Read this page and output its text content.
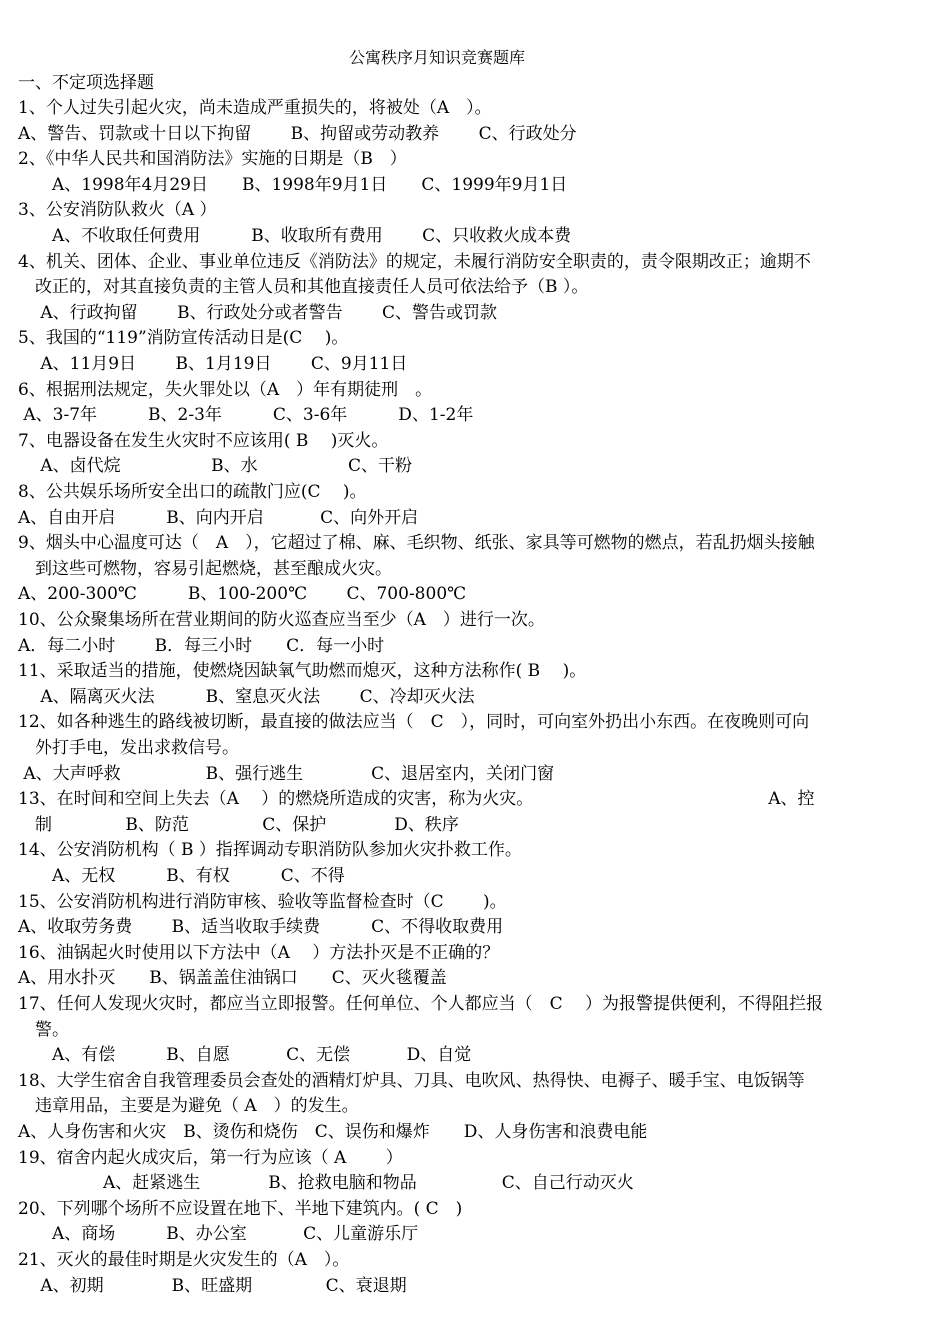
公寓秩序月知识竞赛题库
一、不定项选择题
1、个人过失引起火灾，尚未造成严重损失的，将被处（A　）。
A、警告、罚款或十日以下拘留　　 B、拘留或劳动教养　　 C、行政处分
2、《中华人民共和国消防法》实施的日期是（B　）
　　A、1998年4月29日　　B、1998年9月1日　　C、1999年9月1日
3、公安消防队救火（A ）
　　A、不收取任何费用　　　B、收取所有费用　　 C、只收救火成本费
4、机关、团体、企业、事业单位违反《消防法》的规定，未履行消防安全职责的，责令限期改正；逾期不
　改正的，对其直接负责的主管人员和其他直接责任人员可依法给予（B ）。
　 A、行政拘留　　 B、行政处分或者警告　　 C、警告或罚款
5、我国的“119”消防宣传活动日是(C　 )。
　 A、11月9日　　 B、1月19日　　 C、9月11日
6、根据刑法规定，失火罪处以（A　）年有期徒刑　。
A、3-7年　　　B、2-3年　　　C、3-6年　　　D、1-2年
7、电器设备在发生火灾时不应该用( B　 )灭火。
　 A、卤代烷　　　　　 B、水　　　　　 C、干粉
8、公共娱乐场所安全出口的疏散门应(C　 )。
A、自由开启　　　B、向内开启　　　 C、向外开启
9、烟头中心温度可达（　A　），它超过了棉、麻、毛织物、纸张、家具等可燃物的燃点，若乱扔烟头接触
　到这些可燃物，容易引起燃烧，甚至酿成火灾。
A、200-300℃　　　B、100-200℃　　 C、700-800℃
10、公众聚集场所在营业期间的防火巡查应当至少（A　）进行一次。
A．每二小时　　 B．每三小时　　C．每一小时
11、采取适当的措施，使燃烧因缺氧气助燃而熄灭，这种方法称作( B　 )。
　 A、隔离灭火法　　　B、窒息灭火法　　 C、冷却灭火法
12、如各种逃生的路线被切断，最直接的做法应当（　C　），同时，可向室外扔出小东西。在夜晚则可向
　外打手电，发出求救信号。
A、大声呼救　　　　　B、强行逃生　　　　C、退居室内，关闭门窗
13、在时间和空间上失去（A　 ）的燃烧所造成的灾害，称为火灾。　　　　　　　　　　　　　　 A、控
　制　　　　 B、防范　　　　 C、保护　　　　D、秩序
14、公安消防机构（ B ）指挥调动专职消防队参加火灾扑救工作。
　　A、无权　　　B、有权　　　C、不得
15、公安消防机构进行消防审核、验收等监督检查时（C　　 )。
A、收取劳务费　　 B、适当收取手续费　　　C、不得收取费用
16、油锅起火时使用以下方法中（A　 ）方法扑灭是不正确的？
A、用水扑灭　　B、锅盖盖住油锅口　　C、灭火毯覆盖
17、任何人发现火灾时，都应当立即报警。任何单位、个人都应当（　C　 ）为报警提供便利，不得阻拦报
　警。
　　A、有偿　　　B、自愿　　　 C、无偿　　　 D、自觉
18、大学生宿舍自我管理委员会查处的酒精灯炉具、刀具、电吹风、热得快、电褥子、暖手宝、电饭锅等
　违章用品，主要是为避免（ A　）的发生。
A、人身伤害和火灾　B、烫伤和烧伤　C、误伤和爆炸　　D、人身伤害和浪费电能
19、宿舍内起火成灾后，第一行为应该（ A　　 ）
　　　　　A、赶紧逃生　　　　B、抢救电脑和物品　　　　　C、自己行动灭火
20、下列哪个场所不应设置在地下、半地下建筑内。( C　)
　　A、商场　　　B、办公室　　　 C、儿童游乐厅
21、灭火的最佳时期是火灾发生的（A　）。
　 A、初期　　　　B、旺盛期　　　　 C、衰退期
